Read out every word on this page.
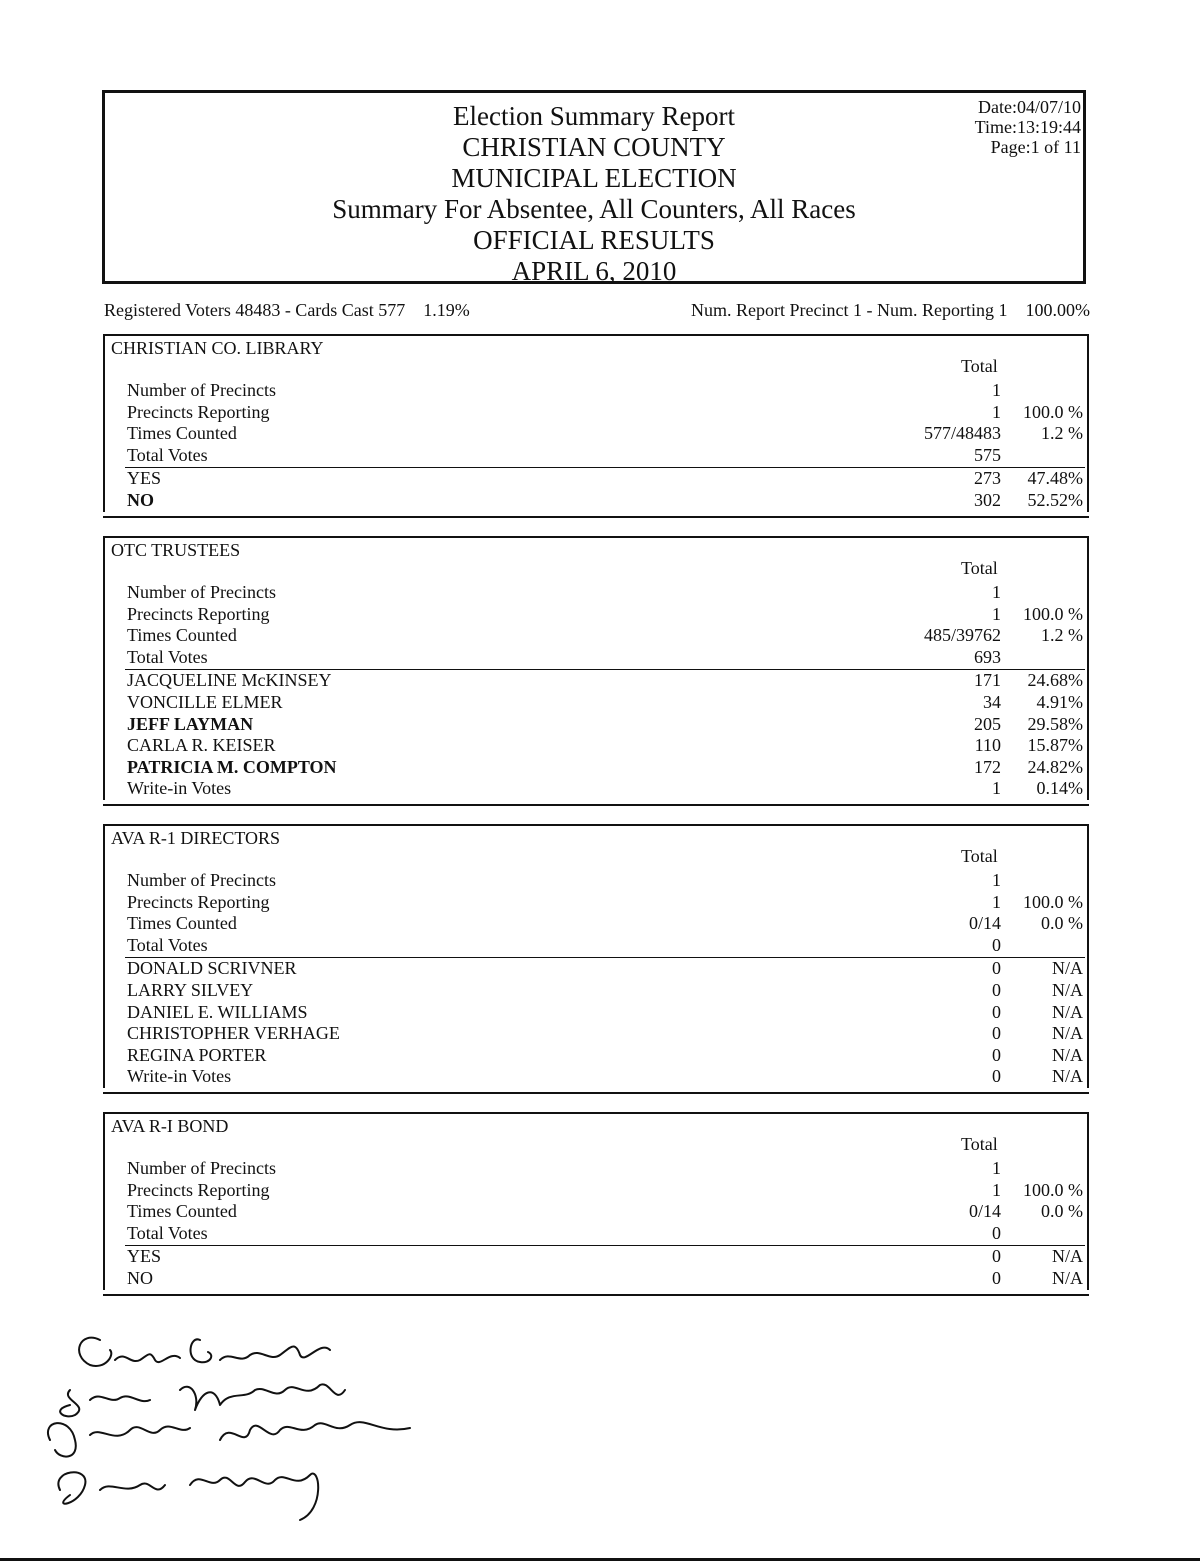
Election Summary Report
CHRISTIAN COUNTY
MUNICIPAL ELECTION
Summary For Absentee, All Counters, All Races
OFFICIAL RESULTS
APRIL 6, 2010
Date:04/07/10
Time:13:19:44
Page:1 of 11
Registered Voters 48483 - Cards Cast 577    1.19%	Num. Report Precinct 1 - Num. Reporting 1    100.00%
CHRISTIAN CO. LIBRARY
Total
Number of Precincts	1
Precincts Reporting	1 100.0 %
Times Counted	577/48483 1.2 %
Total Votes	575
YES	273 47.48%
NO	302 52.52%
OTC TRUSTEES
Total
Number of Precincts	1
Precincts Reporting	1 100.0 %
Times Counted	485/39762 1.2 %
Total Votes	693
JACQUELINE McKINSEY	171 24.68%
VONCILLE ELMER	34 4.91%
JEFF LAYMAN	205 29.58%
CARLA R. KEISER	110 15.87%
PATRICIA M. COMPTON	172 24.82%
Write-in Votes	1 0.14%
AVA R-1 DIRECTORS
Total
Number of Precincts	1
Precincts Reporting	1 100.0 %
Times Counted	0/14 0.0 %
Total Votes	0
DONALD SCRIVNER	0	N/A
LARRY SILVEY	0	N/A
DANIEL E. WILLIAMS	0	N/A
CHRISTOPHER VERHAGE	0	N/A
REGINA PORTER	0	N/A
Write-in Votes	0	N/A
AVA R-I BOND
Total
Number of Precincts	1
Precincts Reporting	1 100.0 %
Times Counted	0/14 0.0 %
Total Votes	0
YES	0	N/A
NO	0	N/A
